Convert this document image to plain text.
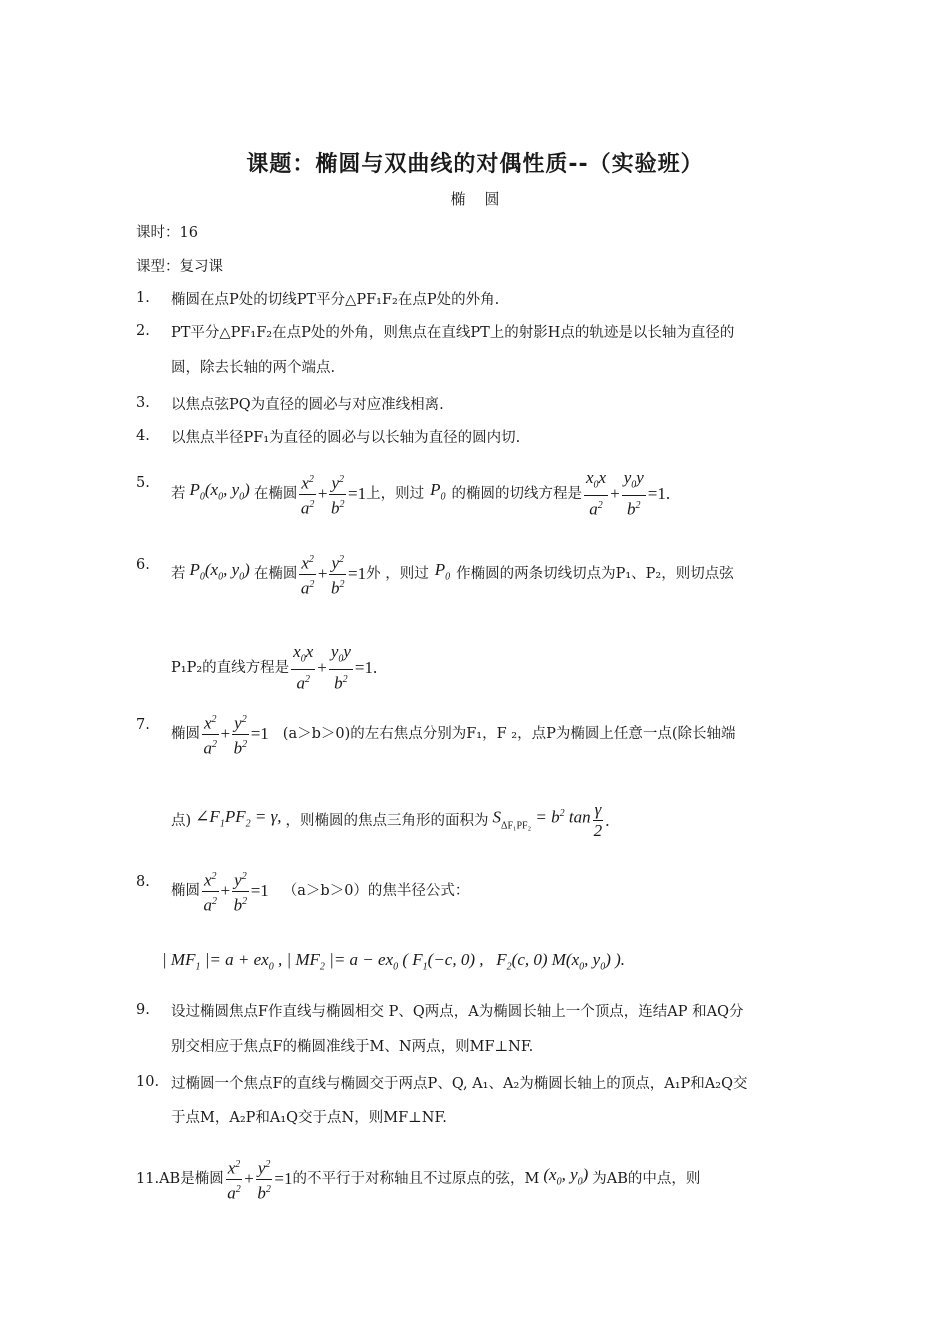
课题：椭圆与双曲线的对偶性质--（实验班）
椭    圆
课时：16
课型：复习课
1. 椭圆在点P处的切线PT平分△PF₁F₂在点P处的外角.
2. PT平分△PF₁F₂在点P处的外角，则焦点在直线PT上的射影H点的轨迹是以长轴为直径的
圆，除去长轴的两个端点.
3. 以焦点弦PQ为直径的圆必与对应准线相离.
4. 以焦点半径PF₁为直径的圆必与以长轴为直径的圆内切.
5.
若 $P_0(x_0$, $y_0$) 在椭圆 $\frac{x^2}{a^2} + \frac{y^2}{b^2} =1$ 上，则过 $P_0$ 的椭圆的切线方程是 $\frac{x_0x}{a^2} + \frac{y_0y}{b^2} =1$.
6.
若 $P_0(x_0$, $y_0$) 在椭圆 $\frac{x^2}{a^2} + \frac{y^2}{b^2} =1$ 外 ，则过 $P_0$ 作椭圆的两条切线切点为P₁、P₂，则切点弦
P₁P₂的直线方程是 $\frac{x_0x}{a^2} + \frac{y_0y}{b^2} =1$.
7.
椭圆 $\frac{x^2}{a^2} + \frac{y^2}{b^2} =1$ (a＞b＞0)的左右焦点分别为F₁，F ₂，点P为椭圆上任意一点(除长轴端
点) $\angle F_1PF_2 = \gamma$, ，则椭圆的焦点三角形的面积为 $S_{\Delta F_1PF_2} = b^2$ $\tan \frac{\gamma}{2}$ .
8.
椭圆 $\frac{x^2}{a^2} + \frac{y^2}{b^2} =1$ （a＞b＞0）的焦半径公式：
| $MF_1$ |= $a + ex_0$ , | $MF_2$ |= $a - ex_0$ ( $F_1(-c$, 0) ,   $F_2(c$, 0) $M(x_0$, $y_0$) ).
9. 设过椭圆焦点F作直线与椭圆相交 P、Q两点，A为椭圆长轴上一个顶点，连结AP 和AQ分
别交相应于焦点F的椭圆准线于M、N两点，则MF⊥NF.
10. 过椭圆一个焦点F的直线与椭圆交于两点P、Q, A₁、A₂为椭圆长轴上的顶点，A₁P和A₂Q交
于点M，A₂P和A₁Q交于点N，则MF⊥NF.
11. AB是椭圆 $\frac{x^2}{a^2} + \frac{y^2}{b^2} =1$ 的不平行于对称轴且不过原点的弦，M ($x_0$, $y_0$) 为AB的中点，则
